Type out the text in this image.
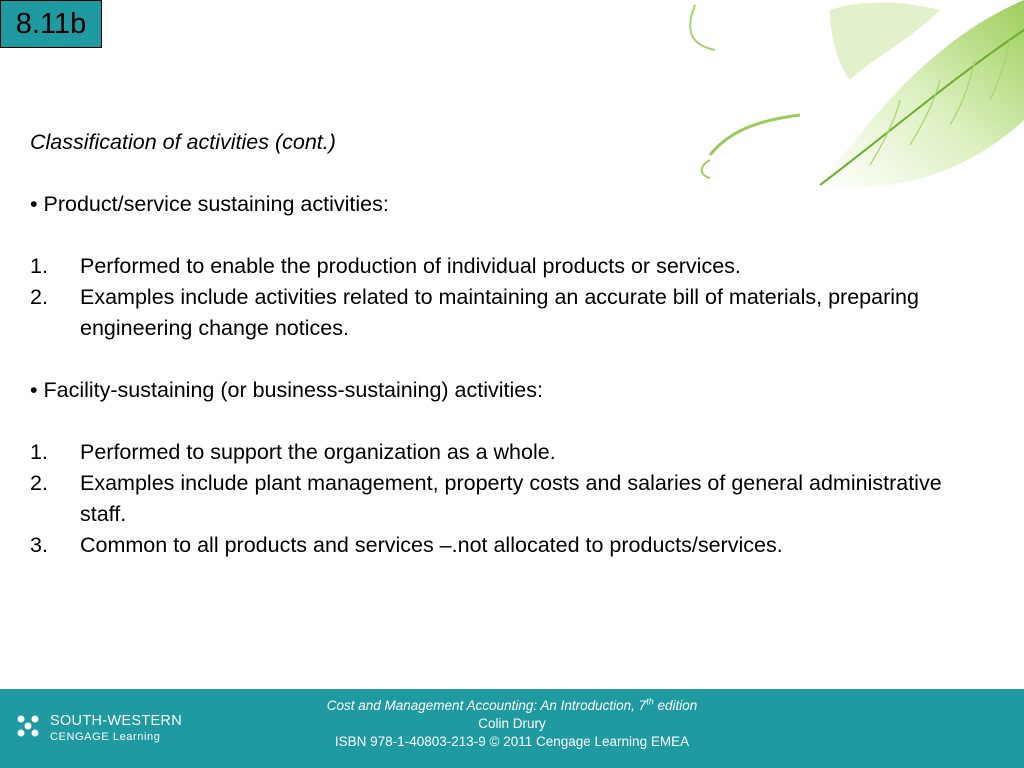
8.11b

Classification of activities (cont.)

• Product/service sustaining activities:

1. Performed to enable the production of individual products or services.
2. Examples include activities related to maintaining an accurate bill of materials, preparing engineering change notices.

• Facility-sustaining (or business-sustaining) activities:

1. Performed to support the organization as a whole.
2. Examples include plant management, property costs and salaries of general administrative staff.
3. Common to all products and services –.not allocated to products/services.
SOUTH-WESTERN
CENGAGE Learning
Cost and Management Accounting: An Introduction, 7th edition
Colin Drury
ISBN 978-1-40803-213-9 © 2011 Cengage Learning EMEA
